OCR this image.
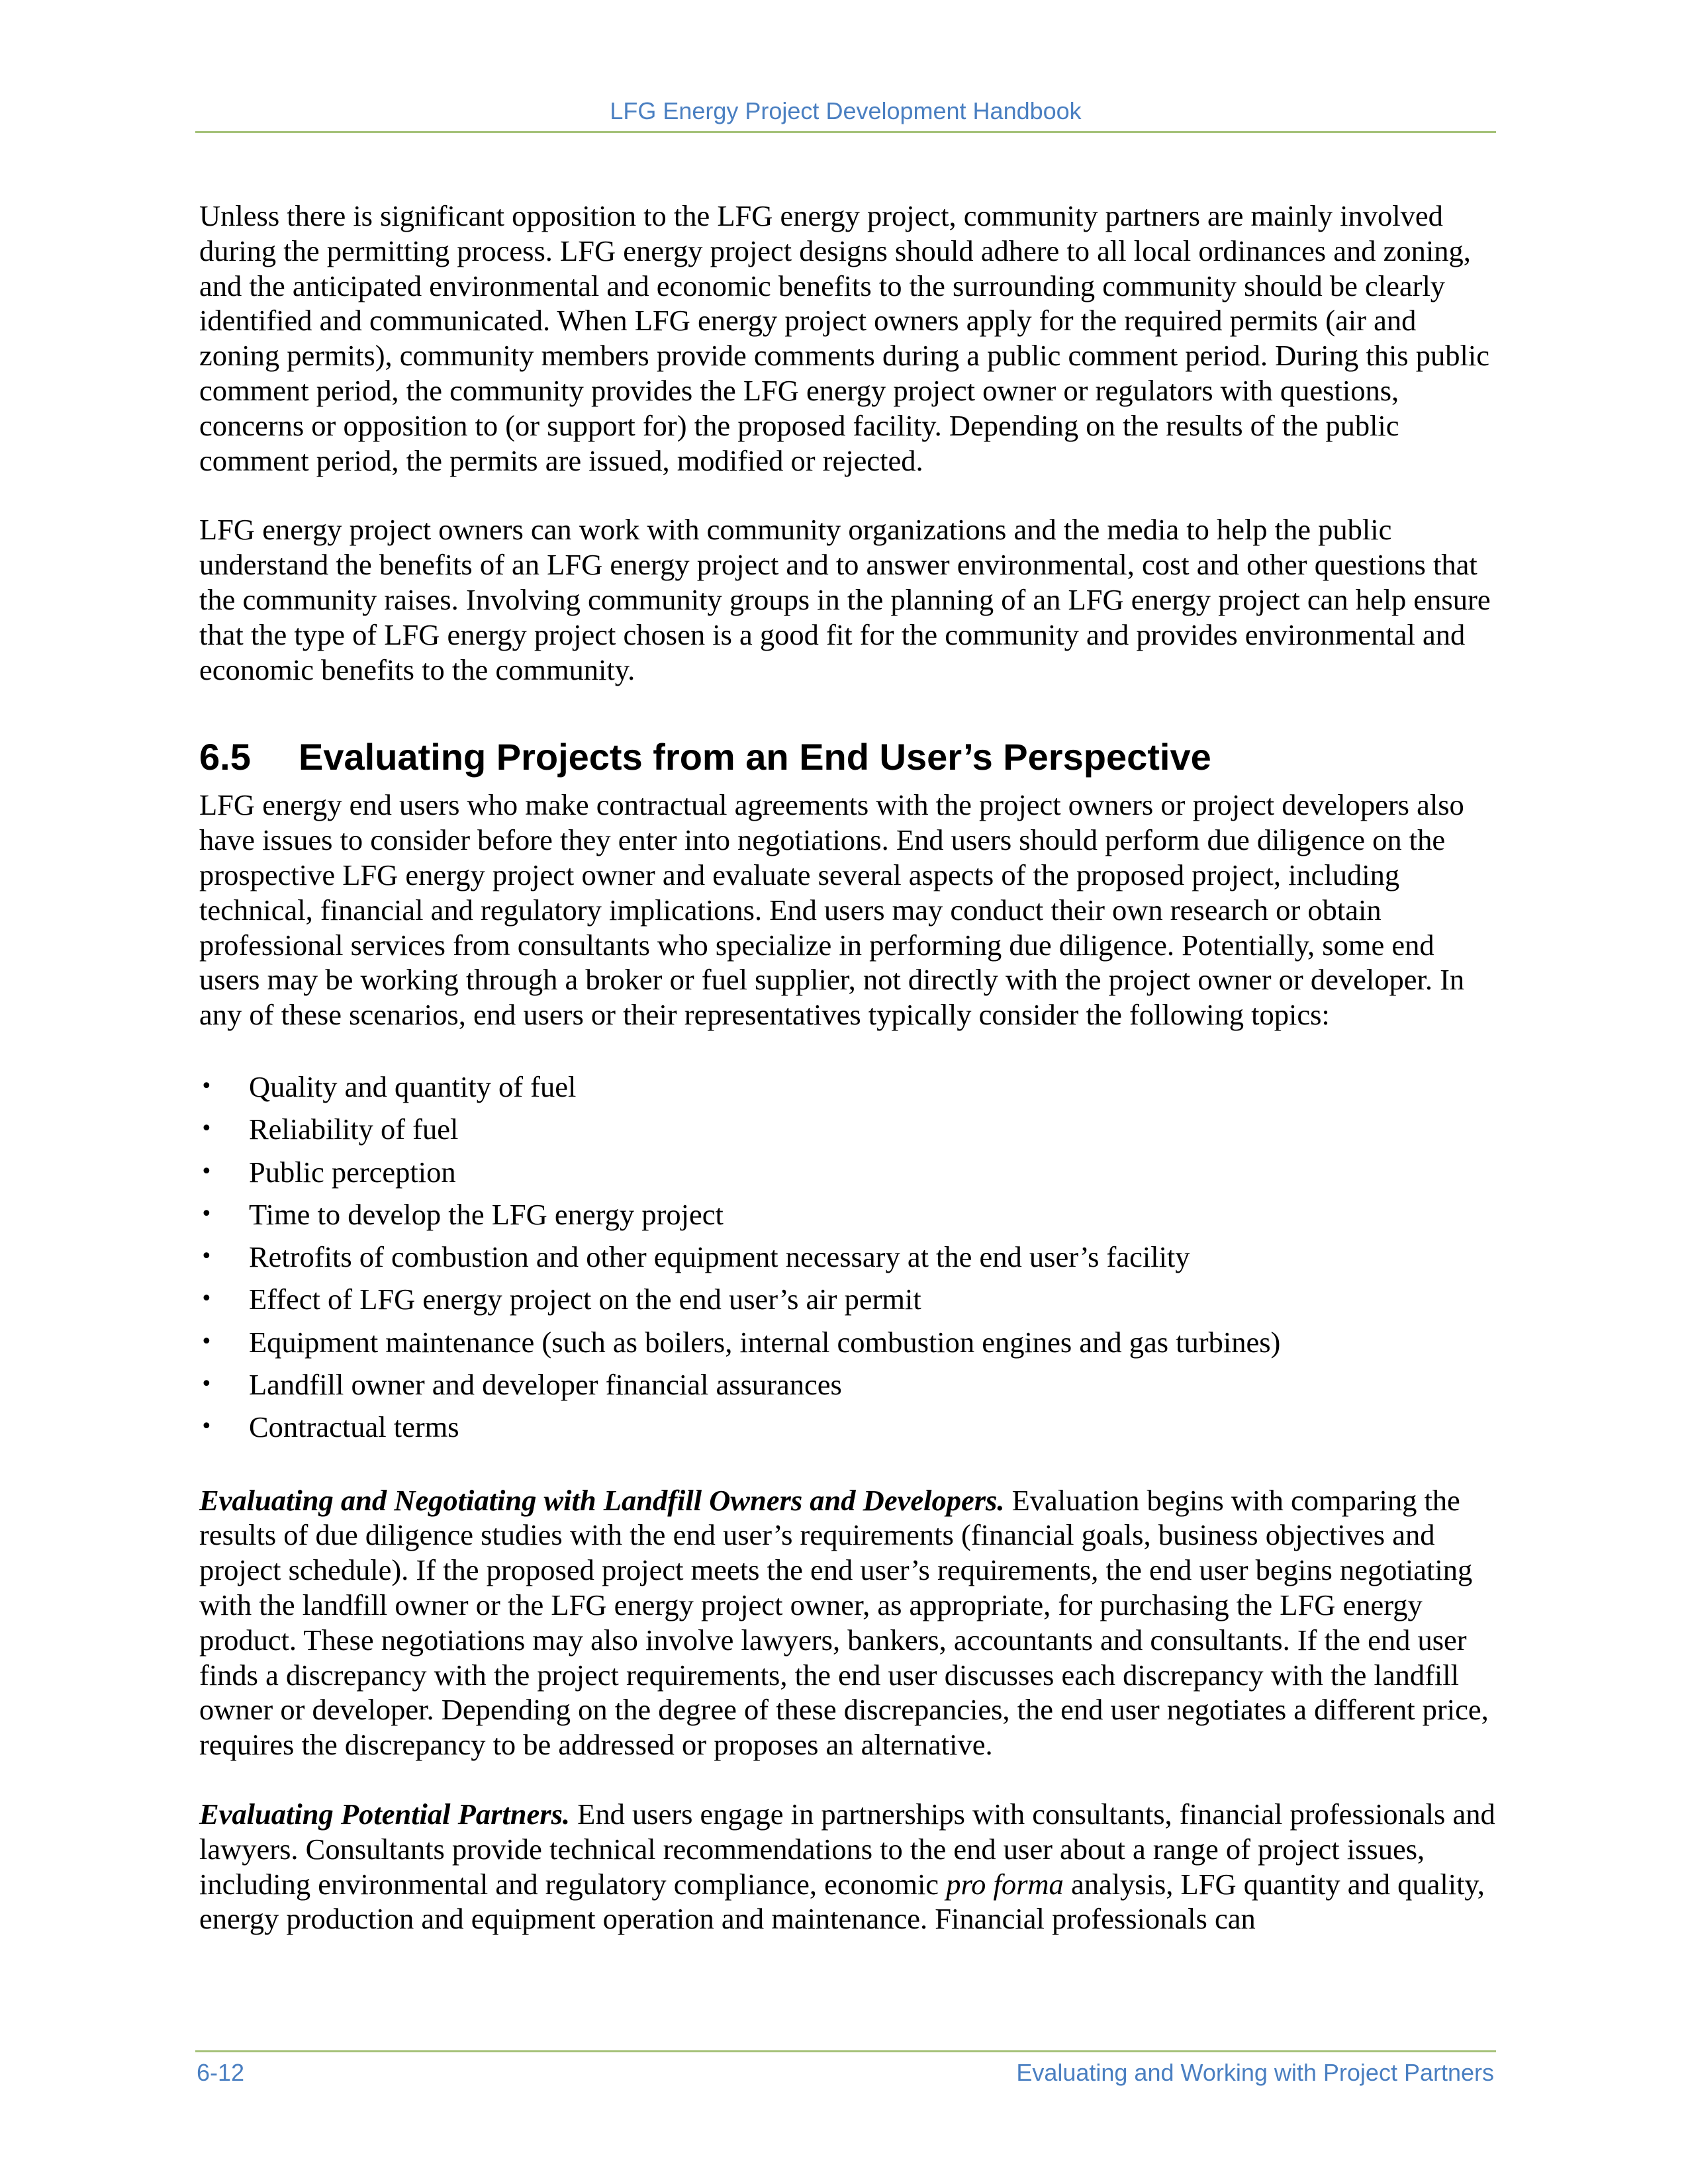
LFG Energy Project Development Handbook

Unless there is significant opposition to the LFG energy project, community partners are mainly involved during the permitting process. LFG energy project designs should adhere to all local ordinances and zoning, and the anticipated environmental and economic benefits to the surrounding community should be clearly identified and communicated. When LFG energy project owners apply for the required permits (air and zoning permits), community members provide comments during a public comment period. During this public comment period, the community provides the LFG energy project owner or regulators with questions, concerns or opposition to (or support for) the proposed facility. Depending on the results of the public comment period, the permits are issued, modified or rejected.

LFG energy project owners can work with community organizations and the media to help the public understand the benefits of an LFG energy project and to answer environmental, cost and other questions that the community raises. Involving community groups in the planning of an LFG energy project can help ensure that the type of LFG energy project chosen is a good fit for the community and provides environmental and economic benefits to the community.

6.5	Evaluating Projects from an End User’s Perspective

LFG energy end users who make contractual agreements with the project owners or project developers also have issues to consider before they enter into negotiations. End users should perform due diligence on the prospective LFG energy project owner and evaluate several aspects of the proposed project, including technical, financial and regulatory implications. End users may conduct their own research or obtain professional services from consultants who specialize in performing due diligence. Potentially, some end users may be working through a broker or fuel supplier, not directly with the project owner or developer. In any of these scenarios, end users or their representatives typically consider the following topics:

• Quality and quantity of fuel
• Reliability of fuel
• Public perception
• Time to develop the LFG energy project
• Retrofits of combustion and other equipment necessary at the end user’s facility
• Effect of LFG energy project on the end user’s air permit
• Equipment maintenance (such as boilers, internal combustion engines and gas turbines)
• Landfill owner and developer financial assurances
• Contractual terms

Evaluating and Negotiating with Landfill Owners and Developers. Evaluation begins with comparing the results of due diligence studies with the end user’s requirements (financial goals, business objectives and project schedule). If the proposed project meets the end user’s requirements, the end user begins negotiating with the landfill owner or the LFG energy project owner, as appropriate, for purchasing the LFG energy product. These negotiations may also involve lawyers, bankers, accountants and consultants. If the end user finds a discrepancy with the project requirements, the end user discusses each discrepancy with the landfill owner or developer. Depending on the degree of these discrepancies, the end user negotiates a different price, requires the discrepancy to be addressed or proposes an alternative.

Evaluating Potential Partners. End users engage in partnerships with consultants, financial professionals and lawyers. Consultants provide technical recommendations to the end user about a range of project issues, including environmental and regulatory compliance, economic pro forma analysis, LFG quantity and quality, energy production and equipment operation and maintenance. Financial professionals can

6-12	Evaluating and Working with Project Partners
